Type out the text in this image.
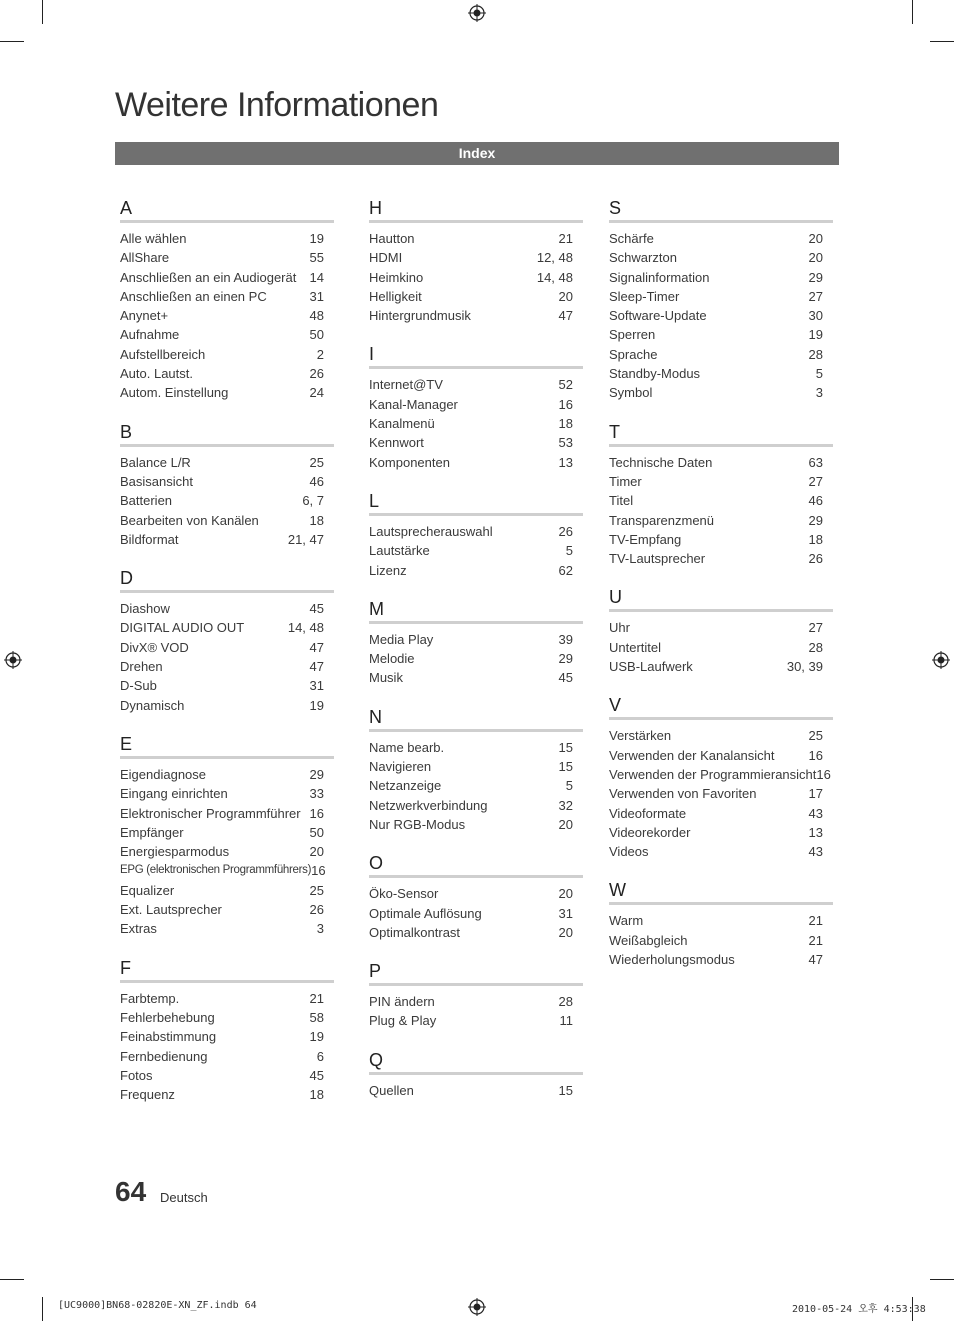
Weitere Informationen
Index
A
Alle wählen	19
AllShare	55
Anschließen an ein Audiogerät 14
Anschließen an einen PC	31
Anynet+	48
Aufnahme	50
Aufstellbereich	2
Auto. Lautst.	26
Autom. Einstellung	24
B
Balance L/R	25
Basisansicht	46
Batterien	6, 7
Bearbeiten von Kanälen	18
Bildformat	21, 47
D
Diashow	45
DIGITAL AUDIO OUT	14, 48
DivX® VOD	47
Drehen	47
D-Sub	31
Dynamisch	19
E
Eigendiagnose	29
Eingang einrichten	33
Elektronischer Programmführer 16
Empfänger	50
Energiesparmodus	20
EPG (elektronischen Programmführers) 16
Equalizer	25
Ext. Lautsprecher	26
Extras	3
F
Farbtemp.	21
Fehlerbehebung	58
Feinabstimmung	19
Fernbedienung	6
Fotos	45
Frequenz	18
H
Hautton	21
HDMI	12, 48
Heimkino	14, 48
Helligkeit	20
Hintergrundmusik	47
I
Internet@TV	52
Kanal-Manager	16
Kanalmenü	18
Kennwort	53
Komponenten	13
L
Lautsprecherauswahl	26
Lautstärke	5
Lizenz	62
M
Media Play	39
Melodie	29
Musik	45
N
Name bearb.	15
Navigieren	15
Netzanzeige	5
Netzwerkverbindung	32
Nur RGB-Modus	20
O
Öko-Sensor	20
Optimale Auflösung	31
Optimalkontrast	20
P
PIN ändern	28
Plug & Play	11
Q
Quellen	15
S
Schärfe	20
Schwarzton	20
Signalinformation	29
Sleep-Timer	27
Software-Update	30
Sperren	19
Sprache	28
Standby-Modus	5
Symbol	3
T
Technische Daten	63
Timer	27
Titel	46
Transparenzmenü	29
TV-Empfang	18
TV-Lautsprecher	26
U
Uhr	27
Untertitel	28
USB-Laufwerk	30, 39
V
Verstärken	25
Verwenden der Kanalansicht	16
Verwenden der Programmieransicht 16
Verwenden von Favoriten	17
Videoformate	43
Videorekorder	13
Videos	43
W
Warm	21
Weißabgleich	21
Wiederholungsmodus	47
64 Deutsch
[UC9000]BN68-02820E-XN_ZF.indb 64	2010-05-24 오후 4:53:38
